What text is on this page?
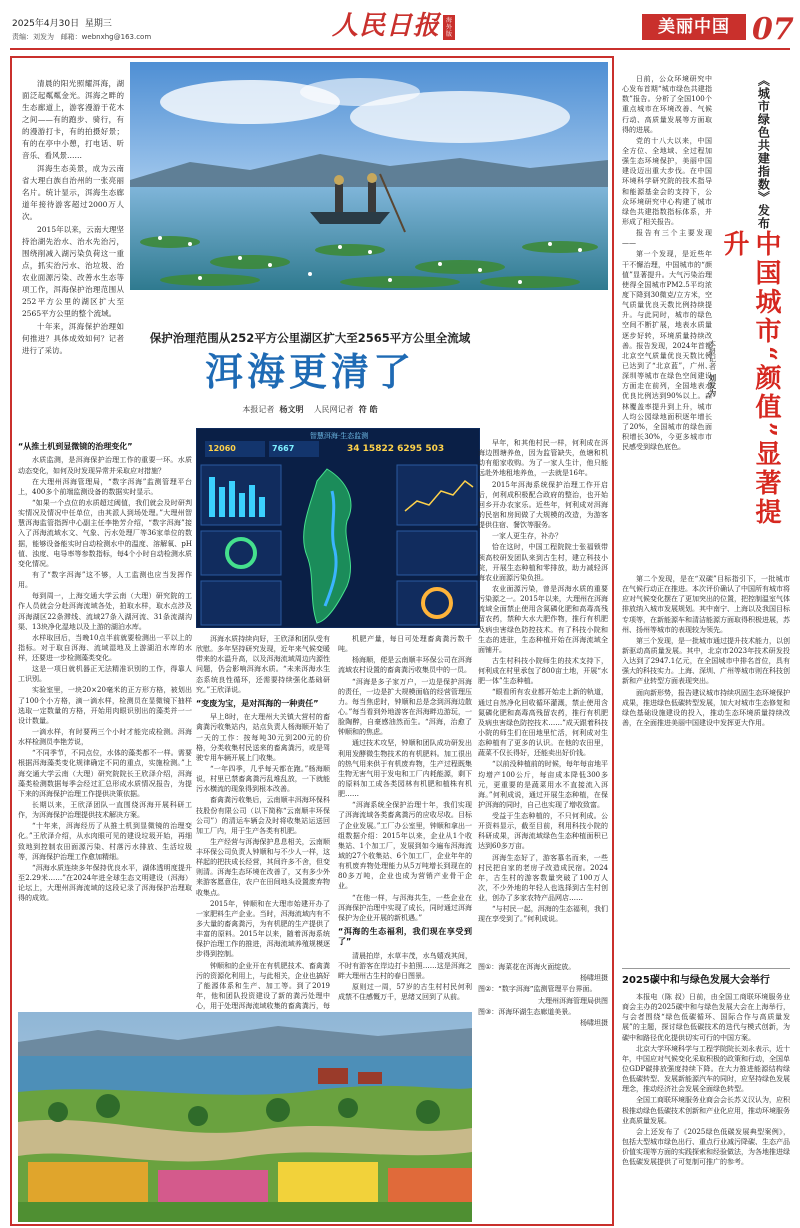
2025年4月30日 星期三
责编：刘发为 邮箱：webnxhg@163.com	人民日报 海外版	美丽中国 07

清晨的阳光照耀洱海，湖面泛起粼粼金光。洱海之畔的生态廊道上，游客漫游于花木之间——有的跑步、骑行，有的漫游打卡，有的拍摄好景；有的在亭中小憩，打电话、听音乐、看风景……

洱海生态美景，成为云南省大理白族自治州的一张亮丽名片。统计显示，洱海生态廊道年接待游客超过2000万人次。

2015年以来，云南大理坚持治湖先治水、治水先治污，围绕削减入湖污染负荷这一重点，抓实治污水、治垃圾、治农业面源污染、改善水生态等项工作，洱海保护治理范围从252平方公里的湖区扩大至2565平方公里的整个流域。

十年来，洱海保护治理如何推进？具体成效如何？记者进行了采访。

保护治理范围从252平方公里湖区扩大至2565平方公里全流域
洱海更清了
本报记者 杨文明 人民网记者 符 皓
智慧洱海·生态监测
12060	7667	34 15822 6295 503
“从推土机到显微镜的治理变化”

水质监测，是洱海保护治理工作的重要一环。水质动态变化，如何及时发现异常并采取应对措施？

在大理州洱海管理局，“数字洱海”监测管理平台上，400多个前端监测设备的数据实时显示。

“如果一个点位的水质超过阈值，我们就会及时研判实情况及情况中任单位，由其派人到场处理。”大理州智慧洱海监管指挥中心副主任李艳芳介绍，“数字洱海”接入了洱海流域水文、气象、污水处理厂等36家单位的数据，能够设备能实时自动检测水中的温度、溶解氧、pH值、浊度、电导率等参数指标，每4个小时自动检测水质变化情况。

有了“数字洱海”这不够，人工监测也应当发挥作用。

每到周一，上海交通大学云南（大理）研究院的工作人员就会分赴洱海流域各处，拍取水样，取水点涉及洱海湖区22条滞线、流域27条入湖河流、31条流湖沟渠、13块净化湿地以及上游的湖泊水库。

水样取回后，当晚10点半前就要检测出一平以上的指标。对于取自洱海、流域湿地及上游湖泊水库的水样，还要进一步检测藻类变化。

这是一项日就机器正无法精准识别的工作，得靠人工识别。

实验室里，一块20×20毫米的正方形方格，被划出了100个小方格，滴一滴水样，检测员在显微镜下抽样选取一定数量的方格，开始用肉眼识别出的藻类并一一设计数量。

一滴水样，有时要两三个小时才能完成检测。洱海水样检测员李艳芳说，

“不同季节，不同点位，水体的藻类都不一样。需要根据洱海藻类变化规律确定不同的重点，实施检测。”上海交通大学云南（大理）研究院院长王欣泽介绍，洱海藻类检测数据每季会经过汇总形成水质情况报告，为提下来的洱海保护治理工作提供决策依据。

长期以来，王欣泽团队一直围绕洱海开展科研工作，为洱海保护治理提供技术解决方案。

“十年来，洱海经历了从推土机到显微镜的治理变化。”王欣泽介绍，从水肉眼可见的建设垃圾开始，再细致地到控制农田面源污染、村落污水排放、生活垃圾等，洱海保护治理工作愈加精细。

“洱海水质连续多年保持优良水平，湖体透明度提升至2.29米……”在2024年进全球生态文明建设（洱海）论坛上，大理州洱海流域的这段记录了洱海保护治理取得的成效。

洱海水质持续向好，王欣泽和团队受有欣慰。多年坚持研究发现，近年来气候变暖带来的水温升高，以及洱海流域周边内源性问题，仍会影响洱海水质。“未来洱海水生态系统良性循环，还需要持续强化基础研究。”王欣泽说。

“变废为宝，是对洱海的一种责任”

早上8时，在大理州大关镇大营村的畜禽粪污收集站内，站点负责人杨海顺开始了一天的工作：按每吨30元到200元的价格，分类收集村民送来的畜禽粪污，或是驾驶专用车辆开展上门收集。

“一年四季，几乎每天都在跑。”杨海顺说，村里已禁畜禽粪污乱堆乱放，一下就能污水横流的现象得到根本改善。

畜禽粪污收集后，云南顺丰洱海环保科技股份有限公司（以下简称“云南顺丰环保公司”）的清运车辆会及时将收集站运送回加工厂内，用于生产各类有机肥。

生产经营与洱海保护息息相关，云南顺丰环保公司负责人钟顺和与不少人一样，这样起的把扶成长经营，其间许多不舍，但变则清。洱海生态环境在改善了，又有多少外来游客愿意住，农户在田间地头设置废弃物收集点。

2015年，钟顺和在大理市始建开办了一家肥料生产企业。当时，洱海流域内有不多大量的畜禽粪污，为有机肥的生产提供了丰富的原料。2015年以来，随着洱海系统保护治理工作的推进，洱海流域养殖规模逐步得到控制。

钟顺和的企业开在有机肥技术、畜禽粪污的资源化利用上，与此相关，企业也搞好了能源体系和生产、加工等。到了2019年，他和团队投资建设了新的粪污处理中心，用于处理洱海流域收集的畜禽粪污，每

机肥产量，每日可处理畜禽粪污数千吨。

杨海顺，便是云南顺丰环保公司在洱海流域农村设置的畜禽粪污收集员中的一员。

“洱海是多子家万户，一边是保护洱海的责任，一边是扩大规模面临的经营管理压力。每当焦虑时，钟顺和总是念到洱海边散心。”每当看到外地游客在洱海畔边游玩，一脸陶醉，自豪感油然而生。“洱海，治愈了钟顺和的焦虑。

通过技术攻坚，钟顺和团队成功研发出利用发酵微生物技术的有机肥料。加工很出的热气用来供于有机废弃物，生产过程既集生物无害气用于发电和工厂内耗能源，剩下的原料加工成各类园林有机肥和植株有机肥……

“洱海系统全保护治理十年，我们实现了洱海流域各类畜禽粪污的应收尽收。目标了企业发展。”工厂办公室里，钟顺和拿出一组数据介绍：2015年以来，企业从1个收集站、1个加工厂，发展到如今遍布洱海流域的27个收集站、6个加工厂，企业年年的有机废弃物处理能力从5万吨增长到现在的80多万吨，企业也成为营销产业骨干企业。

“在他一样，与洱海共生，一些企业在洱海保护治理中实现了成长，同时通过洱海保护为企业开展的新机遇。”

“洱海的生态福利，我们现在享受到了”

清晨拍岸，水草丰茂，水鸟嬉戏其间，不时有游客在岸边打卡拍照……这是洱海之畔大理州古生村的春日图景。

原则过一周，57岁的古生村村民何利成禁不住感慨万千，思绪又回到了从前。

早年，和其他村民一样，何利成在洱海边围塘养鱼，因为监管缺失，鱼塘和机动有船家收购。为了一家人生计，他只能远赴外地租地养鱼，一去就是16年。

2015年洱海系统保护治理工作开启后，何利成积极配合政府的整治，也开始回乡开办农家乐。近些年，何利成对洱海的民宿和房间做了大规模的改造，为游客提供住宿、餐饮等服务。

一家人更生存，补办？

恰在这时，中国工程院院士张福锁带领高校研发团队来到古生村，建立科技小院，开展生态种植和零排放，助力减轻洱海农业面源污染负担。

农业面源污染，曾是洱海水质的重要污染源之一。2015年以来，大理州在洱海流域全面禁止使用含氮磷化肥和高毒高残留农药，禁种大水大肥作物，推行有机肥及病虫害绿色防控技术。有了科技小院和生态的进驻，生态种植开始在洱海流域全面铺开。

古生村科技小院师生的技术支持下，何利成在村里承包了800亩土地，开展“水肥一体”生态种植。

“眼看所有农业都开始走上新的轨道，通过自然净化回收循环灌溉，禁止使用含氮磷化肥和高毒高残留农药，推行有机肥及病虫害绿色防控技术……”成天跟着科技小院的师生们在田地里忙活，何利成对生态种植有了更多的认识。在他的农田里，蔬菜不仅长得好，还能卖出好价钱。

“以前没种植前的时候，每年每亩地平均增产100公斤，每亩成本降低300多元，更重要的是蔬菜用水不直接流入洱海。”何利成说，通过开展生态种植，在保护洱海的同时，自己也实现了增收致富。

受益于生态种植的，不只何利成。公开资料显示，截至目前，利用科技小院的科研成果，洱海流域绿色生态种植面积已达到60多万亩。

洱海生态好了，游客慕名而来，一些村民把自家的老房子改造成民宿。2024年，古生村的游客数量突破了100万人次，不少外地的年轻人也选择到古生村创业，创办了多家农特产品网店……

“与村民一起，洱海的生态福利，我们现在享受到了。”何利成说。

图①：海菜花在洱海火面绽放。
杨啸坦摄
图②：“数字洱海”监测管理平台界面。
大理州洱海管理局供图
图③：洱海环湖生态廊道美景。
杨啸坦摄
《城市绿色共建指数》发布
中国城市“颜值”显著提升
本报记者刘发为

日前，公众环境研究中心发布首期“城市绿色共建指数”报告。分析了全国100个重点城市在环境改善、气候行动、高质量发展等方面取得的进展。

党的十八大以来，中国全方位、全地域、全过程加强生态环境保护，美丽中国建设迈出重大步伐。在中国环境科学研究院的技术指导和能源基金会的支持下，公众环境研究中心构建了城市绿色共建指数指标体系，并形成了相关报告。

报告有三个主要发现——

第一个发现，是近些年干不懈治理，中国城市的“颜值”显著提升。大气污染治理使得全国城市PM2.5平均浓度下降到30微克/立方米，空气质量优良天数比例持续提升。与此同时，城市的绿色空间不断扩展，地表水质量逐步好转，环境质量持续改善。报告发现，2024年首都北京空气质量优良天数比例已达到了“北京蓝”，广州、深圳等城市在绿色空间建设方面走在前列，全国地表水优良比例达到90%以上。森林覆盖率提升到上升，城市人均公园绿地面积逐年增长了20%，全国城市的绿色面积增长30%，今更多城市市民感受到绿色底色。

第二个发现，是在“双碳”目标指引下，一批城市在气候行动正在推进。本次评价确认了中国所有城市将应对气候变化摆在了更加突出的位置，把控制温室气体排放纳入城市发展规划。其中南宁、上海以及我国目标专项等，在新能源车和清洁能源方面取得积极进展，苏州、扬州等城市的表现较为领先。

第三个发现，是一批城市通过提升技术能力，以创新驱动高质量发展。其中，北京市2023年技术研发投入达到了2947.1亿元，在全国城市中排名首位，具有强大的科技实力。上海、深圳、广州等城市则在科技创新和产业转型方面表现突出。

面向新形势，报告建议城市持续巩固生态环境保护成果，推进绿色低碳转型发展，加大对城市生态修复和绿色基础设施建设的投入，推动生态环境质量持续改善，在全面推进美丽中国建设中发挥更大作用。

2025碳中和与绿色发展大会举行

本报电（陈 叔）日前，由全国工商联环境服务业商会主办的2025碳中和与绿色发展大会在上海举行，与会者围绕“绿色低碳循环、国际合作与高质量发展”的主题，探讨绿色低碳技术的迭代与模式创新，为碳中和路径优化提供切实可行的中国方案。

北京大学环境科学与工程学院院长刘永表示，近十年，中国应对气候变化采取积极的政策和行动，全国单位GDP碳排放强度持续下降。在大力推进能源结构绿色低碳转型、发展新能源汽车的同时，应坚持绿色发展理念，推动经济社会发展全面绿色转型。

全国工商联环境服务业商会会长苏义汉认为，应积极推动绿色低碳技术创新和产业化应用，推动环境服务业高质量发展。

会上还发布了《2025绿色低碳发展典型案例》，包括大型城市绿色出行、重点行业减污降碳、生态产品价值实现等方面的实践探索和经验做法，为各地推进绿色低碳发展提供了可复制可推广的参考。
